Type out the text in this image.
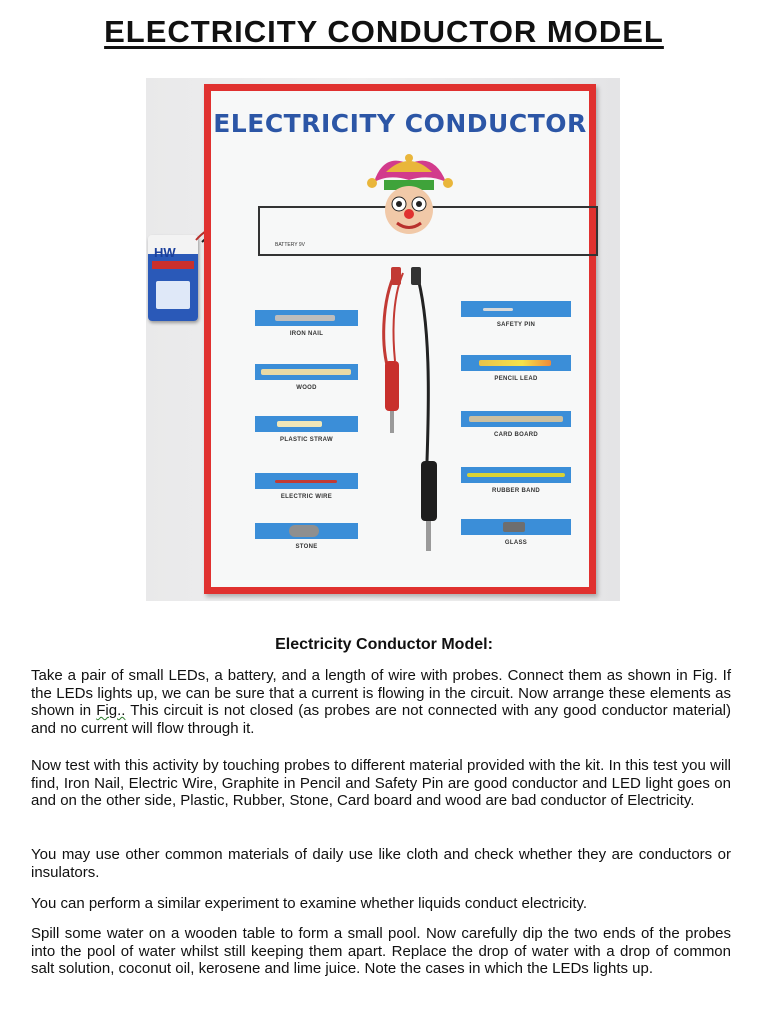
ELECTRICITY CONDUCTOR MODEL
HW
ELECTRICITY CONDUCTOR
BATTERY 9V
IRON NAIL
WOOD
PLASTIC STRAW
ELECTRIC WIRE
STONE
SAFETY PIN
PENCIL LEAD
CARD BOARD
RUBBER BAND
GLASS
Electricity Conductor Model:

Take a pair of small LEDs, a battery, and a length of wire with probes. Connect them as shown in Fig. If the LEDs lights up, we can be sure that a current is flowing in the circuit. Now arrange these elements as shown in Fig.. This circuit is not closed (as probes are not connected with any good conductor material) and no current will flow through it.

Now test with this activity by touching probes to different material provided with the kit. In this test you will find, Iron Nail, Electric Wire, Graphite in Pencil and Safety Pin are good conductor and LED light goes on and on the other side, Plastic, Rubber, Stone, Card board and wood are bad conductor of Electricity.

You may use other common materials of daily use like cloth and check whether they are conductors or insulators.

You can perform a similar experiment to examine whether liquids conduct electricity.

Spill some water on a wooden table to form a small pool. Now carefully dip the two ends of the probes into the pool of water whilst still keeping them apart. Replace the drop of water with a drop of common salt solution, coconut oil, kerosene and lime juice. Note the cases in which the LEDs lights up.
